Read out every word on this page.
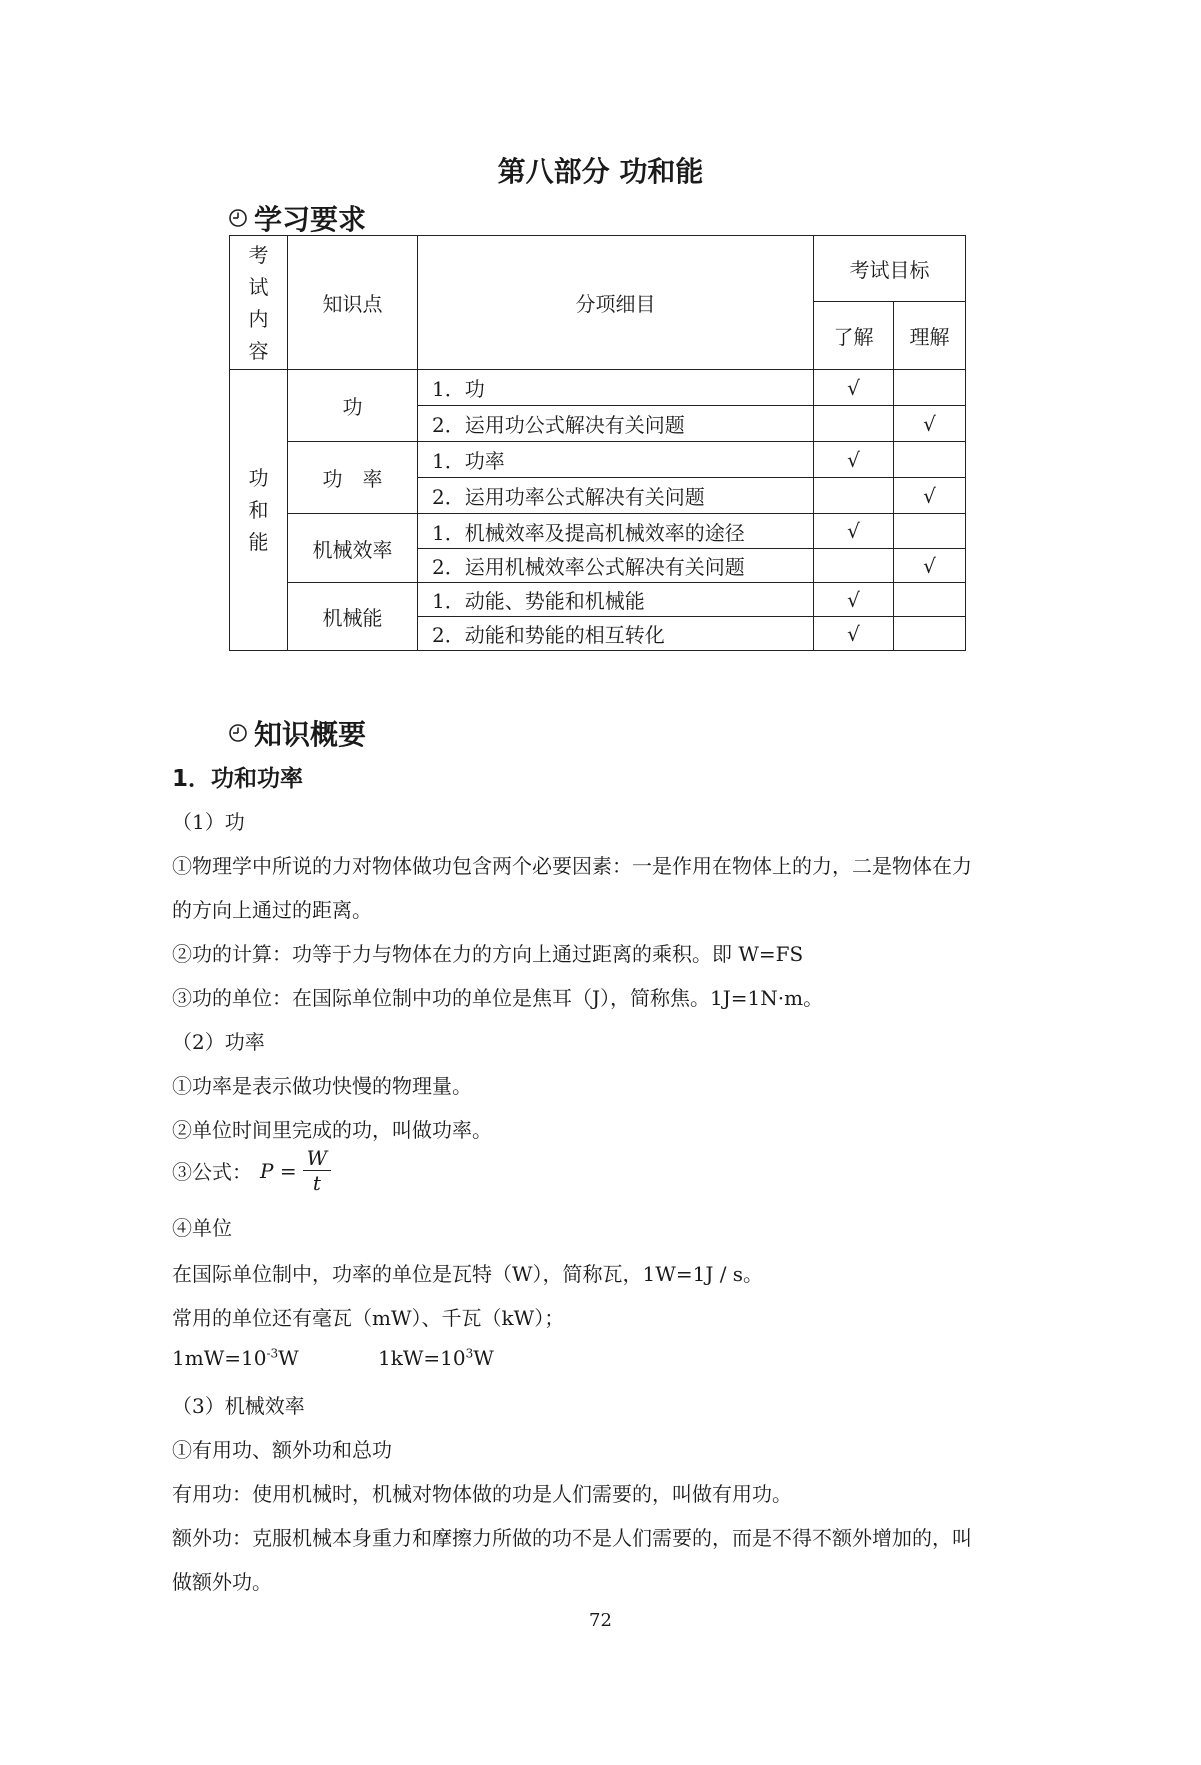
第八部分 功和能
学习要求
考
试
内
容	知识点	分项细目	考试目标	
			了解	理解
功
和
能	功	1．功	√	
		2．运用功公式解决有关问题		√
	功　率	1．功率	√	
		2．运用功率公式解决有关问题		√
	机械效率	1．机械效率及提高机械效率的途径	√	
		2．运用机械效率公式解决有关问题		√
	机械能	1．动能、势能和机械能	√	
		2．动能和势能的相互转化	√	
知识概要
1．功和功率
（1）功
①物理学中所说的力对物体做功包含两个必要因素：一是作用在物体上的力，二是物体在力
的方向上通过的距离。
②功的计算：功等于力与物体在力的方向上通过距离的乘积。即 W=FS
③功的单位：在国际单位制中功的单位是焦耳（J），简称焦。1J=1N·m。
（2）功率
①功率是表示做功快慢的物理量。
②单位时间里完成的功，叫做功率。
③公式： $P = \frac{W}{t}$
④单位
在国际单位制中，功率的单位是瓦特（W），简称瓦，1W=1J / s。
常用的单位还有毫瓦（mW）、千瓦（kW）；
$1mW=10^{-3}W$	$1kW=10^3W$
（3）机械效率
①有用功、额外功和总功
有用功：使用机械时，机械对物体做的功是人们需要的，叫做有用功。
额外功：克服机械本身重力和摩擦力所做的功不是人们需要的，而是不得不额外增加的，叫
做额外功。
72
